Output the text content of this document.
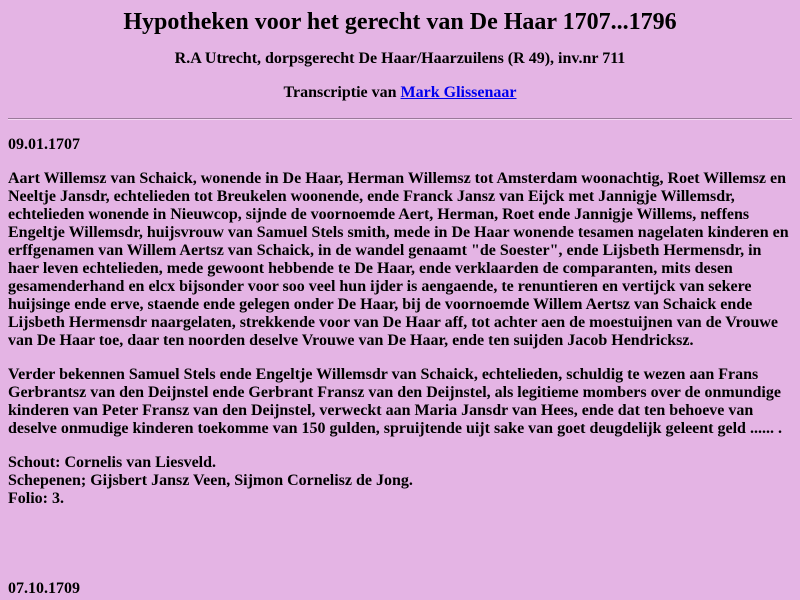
Hypotheken voor het gerecht van De Haar 1707...1796
R.A Utrecht, dorpsgerecht De Haar/Haarzuilens (R 49), inv.nr 711
Transcriptie van Mark Glissenaar
09.01.1707

Aart Willemsz van Schaick, wonende in De Haar, Herman Willemsz tot Amsterdam woonachtig, Roet Willemsz en Neeltje Jansdr, echtelieden tot Breukelen woonende, ende Franck Jansz van Eijck met Jannigje Willemsdr, echtelieden wonende in Nieuwcop, sijnde de voornoemde Aert, Herman, Roet ende Jannigje Willems, neffens Engeltje Willemsdr, huijsvrouw van Samuel Stels smith, mede in De Haar wonende tesamen nagelaten kinderen en erffgenamen van Willem Aertsz van Schaick, in de wandel genaamt "de Soester", ende Lijsbeth Hermensdr, in haer leven echtelieden, mede gewoont hebbende te De Haar, ende verklaarden de comparanten, mits desen gesamenderhand en elcx bijsonder voor soo veel hun ijder is aengaende, te renuntieren en vertijck van sekere huijsinge ende erve, staende ende gelegen onder De Haar, bij de voornoemde Willem Aertsz van Schaick ende Lijsbeth Hermensdr naargelaten, strekkende voor van De Haar aff, tot achter aen de moestuijnen van de Vrouwe van De Haar toe, daar ten noorden deselve Vrouwe van De Haar, ende ten suijden Jacob Hendricksz.

Verder bekennen Samuel Stels ende Engeltje Willemsdr van Schaick, echtelieden, schuldig te wezen aan Frans Gerbrantsz van den Deijnstel ende Gerbrant Fransz van den Deijnstel, als legitieme mombers over de onmundige kinderen van Peter Fransz van den Deijnstel, verweckt aan Maria Jansdr van Hees, ende dat ten behoeve van deselve onmudige kinderen toekomme van 150 gulden, spruijtende uijt sake van goet deugdelijk geleent geld ...... .

Schout: Cornelis van Liesveld.
Schepenen; Gijsbert Jansz Veen, Sijmon Cornelisz de Jong.
Folio: 3.
07.10.1709
